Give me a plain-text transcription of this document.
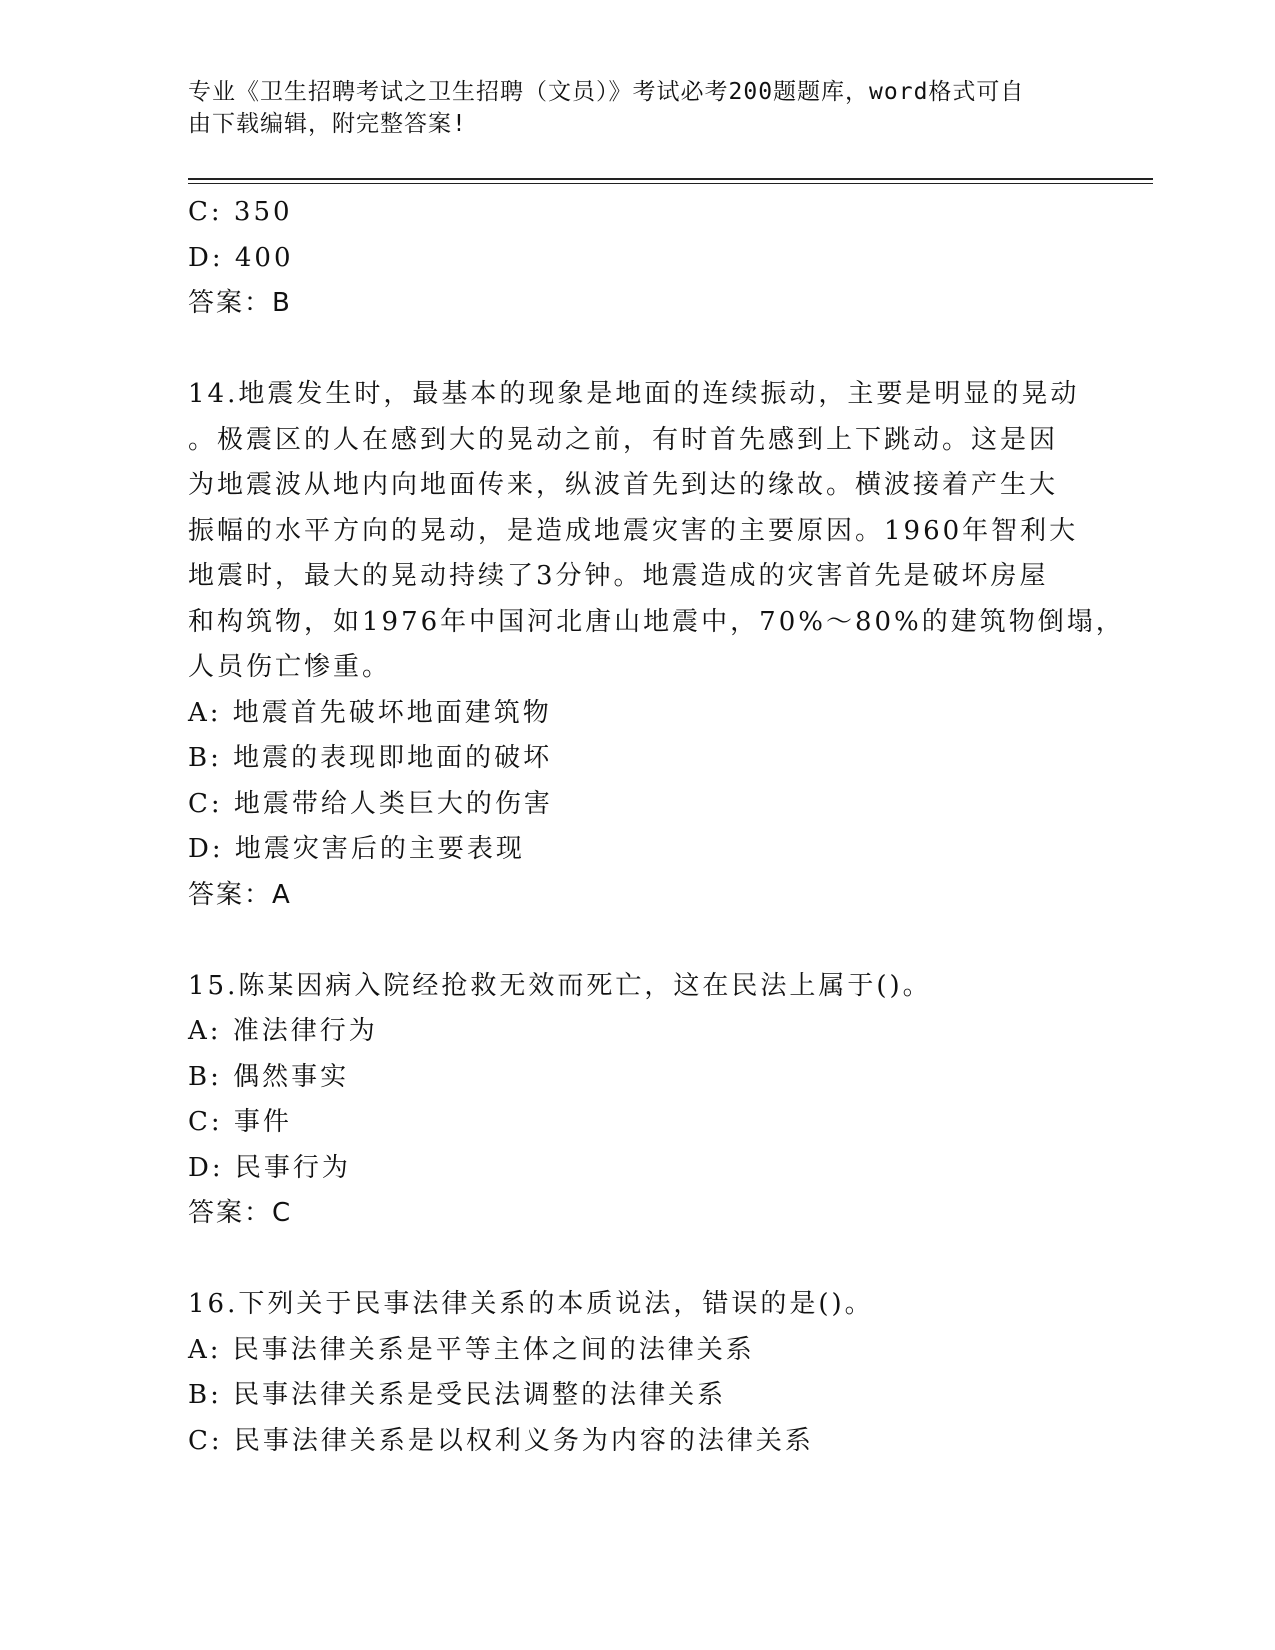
专业《卫生招聘考试之卫生招聘（文员）》考试必考200题题库，word格式可自
由下载编辑，附完整答案!
C: 350
D: 400
答案：B
14.地震发生时，最基本的现象是地面的连续振动，主要是明显的晃动
。极震区的人在感到大的晃动之前，有时首先感到上下跳动。这是因
为地震波从地内向地面传来，纵波首先到达的缘故。横波接着产生大
振幅的水平方向的晃动，是造成地震灾害的主要原因。1960年智利大
地震时，最大的晃动持续了3分钟。地震造成的灾害首先是破坏房屋
和构筑物，如1976年中国河北唐山地震中，70%～80%的建筑物倒塌，
人员伤亡惨重。
A: 地震首先破坏地面建筑物
B: 地震的表现即地面的破坏
C: 地震带给人类巨大的伤害
D: 地震灾害后的主要表现
答案：A
15.陈某因病入院经抢救无效而死亡，这在民法上属于()。
A: 准法律行为
B: 偶然事实
C: 事件
D: 民事行为
答案：C
16.下列关于民事法律关系的本质说法，错误的是()。
A: 民事法律关系是平等主体之间的法律关系
B: 民事法律关系是受民法调整的法律关系
C: 民事法律关系是以权利义务为内容的法律关系
